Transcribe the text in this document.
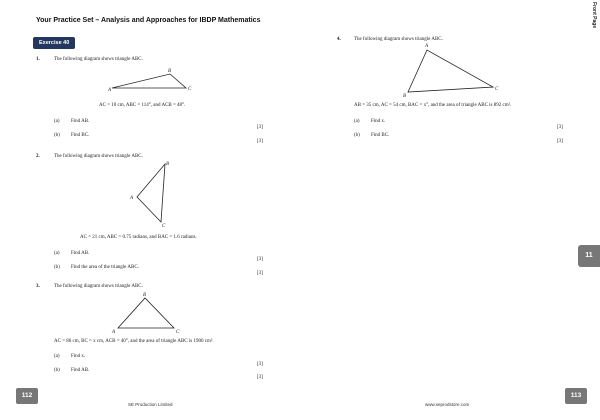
Your Practice Set – Analysis and Approaches for IBDP Mathematics	Front Page
Exercise 40
1.	The following diagram shows triangle ABC.
A
B
C
AC = 10 cm, ABC = 114°, and ACB = 48°.
(a) Find AB.
[3]
(b) Find BC.
[3]
2.	The following diagram shows triangle ABC.
A
B
C
AC = 21 cm, ABC = 0.75 radians, and BAC = 1.6 radians.
(a) Find AB.
[3]
(b) Find the area of the triangle ABC.
[3]
3.	The following diagram shows triangle ABC.
A
B
C
AC = 86 cm, BC = x cm, ACB = 40°, and the area of triangle ABC is 1900 cm².
(a) Find x.
[3]
(b) Find AB.
[3]
4.	The following diagram shows triangle ABC.
A
B
C
AB = 35 cm, AC = 54 cm, BAC = x°, and the area of triangle ABC is 892 cm².
(a) Find x.
[3]
(b) Find BC.
[3]
11
112
SE Production Limited	www.seprodstore.com
113
